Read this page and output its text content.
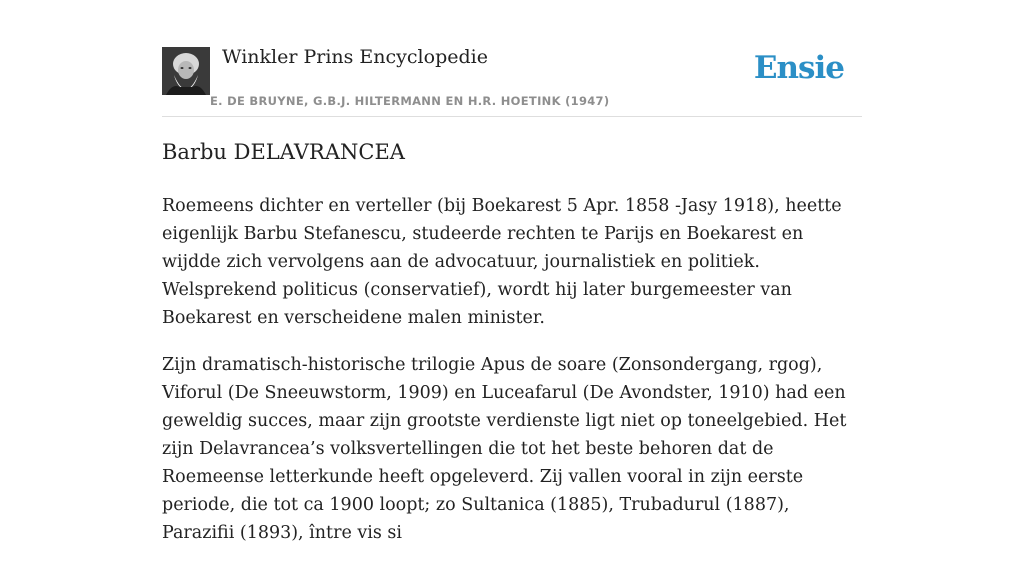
Winkler Prins Encyclopedie
E. DE BRUYNE, G.B.J. HILTERMANN EN H.R. HOETINK (1947)
Ensie
Barbu DELAVRANCEA

Roemeens dichter en verteller (bij Boekarest 5 Apr. 1858 -Jasy 1918), heette eigenlijk Barbu Stefanescu, studeerde rechten te Parijs en Boekarest en wijdde zich vervolgens aan de advocatuur, journalistiek en politiek. Welsprekend politicus (conservatief), wordt hij later burgemeester van Boekarest en verscheidene malen minister.

Zijn dramatisch-historische trilogie Apus de soare (Zonsondergang, rgog), Viforul (De Sneeuwstorm, 1909) en Luceafarul (De Avondster, 1910) had een geweldig succes, maar zijn grootste verdienste ligt niet op toneelgebied. Het zijn Delavrancea’s volksvertellingen die tot het beste behoren dat de Roemeense letterkunde heeft opgeleverd. Zij vallen vooral in zijn eerste periode, die tot ca 1900 loopt; zo Sultanica (1885), Trubadurul (1887), Parazifii (1893), între vis si
